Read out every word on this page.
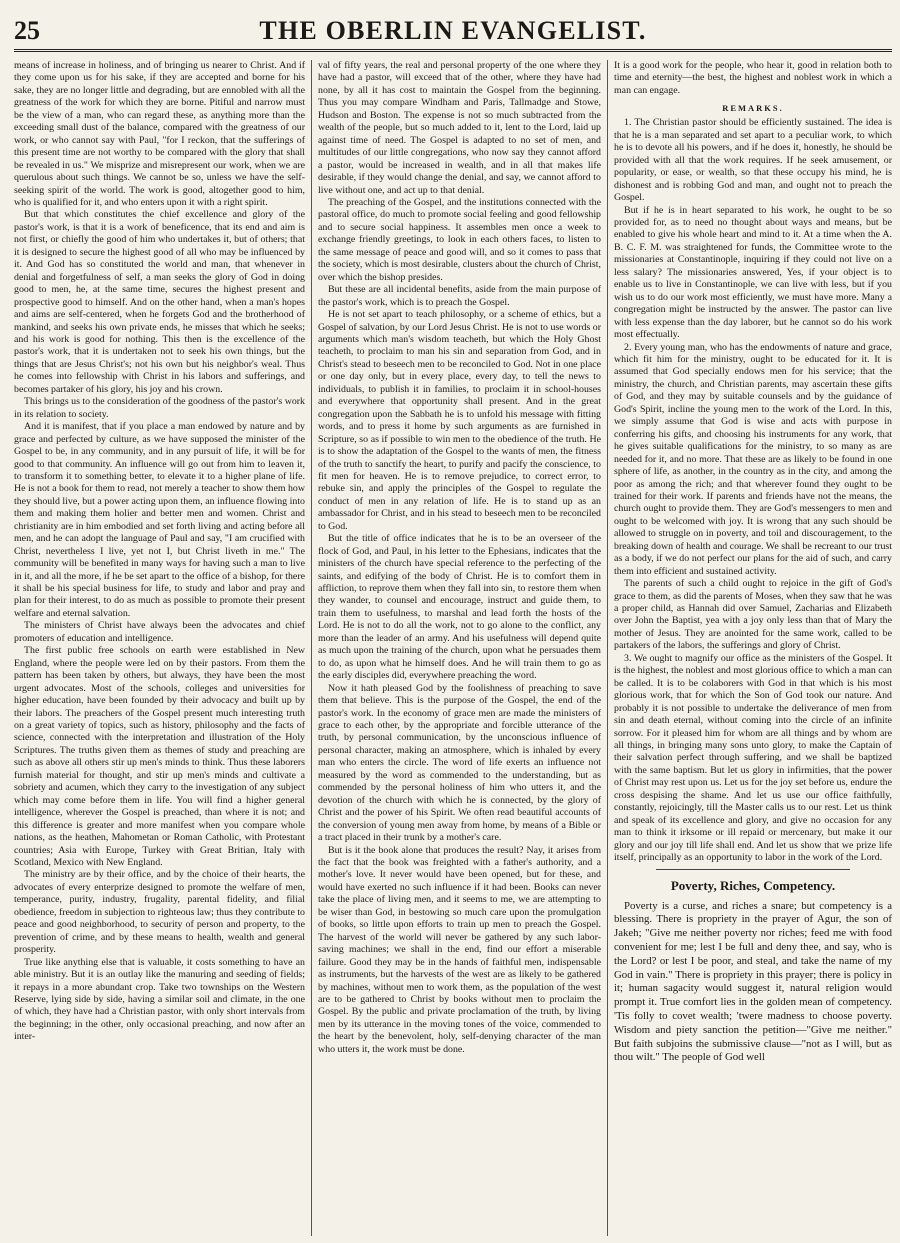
25	THE OBERLIN EVANGELIST.

means of increase in holiness, and of bringing us nearer to Christ. And if they come upon us for his sake, if they are accepted and borne for his sake, they are no longer little and degrading, but are ennobled with all the greatness of the work for which they are borne. Pitiful and narrow must be the view of a man, who can regard these, as anything more than the exceeding small dust of the balance, compared with the greatness of our work, or who cannot say with Paul, "for I reckon, that the sufferings of this present time are not worthy to be compared with the glory that shall be revealed in us." We misprize and misrepresent our work, when we are querulous about such things. We cannot be so, unless we have the self-seeking spirit of the world. The work is good, altogether good to him, who is qualified for it, and who enters upon it with a right spirit.

But that which constitutes the chief excellence and glory of the pastor's work, is that it is a work of beneficence, that its end and aim is not first, or chiefly the good of him who undertakes it, but of others; that it is designed to secure the highest good of all who may be influenced by it. And God has so constituted the world and man, that whenever in denial and forgetfulness of self, a man seeks the glory of God in doing good to men, he, at the same time, secures the highest present and prospective good to himself. And on the other hand, when a man's hopes and aims are self-centered, when he forgets God and the brotherhood of mankind, and seeks his own private ends, he misses that which he seeks; and his work is good for nothing. This then is the excellence of the pastor's work, that it is undertaken not to seek his own things, but the things that are Jesus Christ's; not his own but his neighbor's weal. Thus he comes into fellowship with Christ in his labors and sufferings, and becomes partaker of his glory, his joy and his crown.

This brings us to the consideration of the goodness of the pastor's work in its relation to society.

And it is manifest, that if you place a man endowed by nature and by grace and perfected by culture, as we have supposed the minister of the Gospel to be, in any community, and in any pursuit of life, it will be for good to that community. An influence will go out from him to leaven it, to transform it to something better, to elevate it to a higher plane of life. He is not a book for them to read, not merely a teacher to show them how they should live, but a power acting upon them, an influence flowing into them and making them holier and better men and women. Christ and christianity are in him embodied and set forth living and acting before all men, and he can adopt the language of Paul and say, "I am crucified with Christ, nevertheless I live, yet not I, but Christ liveth in me." The community will be benefited in many ways for having such a man to live in it, and all the more, if he be set apart to the office of a bishop, for there it shall be his special business for life, to study and labor and pray and plan for their interest, to do as much as possible to promote their present welfare and eternal salvation.

The ministers of Christ have always been the advocates and chief promoters of education and intelligence.

The first public free schools on earth were established in New England, where the people were led on by their pastors. From them the pattern has been taken by others, but always, they have been the most urgent advocates. Most of the schools, colleges and universities for higher education, have been founded by their advocacy and built up by their labors. The preachers of the Gospel present much interesting truth on a great variety of topics, such as history, philosophy and the facts of science, connected with the interpretation and illustration of the Holy Scriptures. The truths given them as themes of study and preaching are such as above all others stir up men's minds to think. Thus these laborers furnish material for thought, and stir up men's minds and cultivate a sobriety and acumen, which they carry to the investigation of any subject which may come before them in life. You will find a higher general intelligence, wherever the Gospel is preached, than where it is not; and this difference is greater and more manifest when you compare whole nations, as the heathen, Mahometan or Roman Catholic, with Protestant countries; Asia with Europe, Turkey with Great Britian, Italy with Scotland, Mexico with New England.

The ministry are by their office, and by the choice of their hearts, the advocates of every enterprize designed to promote the welfare of men, temperance, purity, industry, frugality, parental fidelity, and filial obedience, freedom in subjection to righteous law; thus they contribute to peace and good neighborhood, to security of person and property, to the prevention of crime, and by these means to health, wealth and general prosperity.

True like anything else that is valuable, it costs something to have an able ministry. But it is an outlay like the manuring and seeding of fields; it repays in a more abundant crop. Take two townships on the Western Reserve, lying side by side, having a similar soil and climate, in the one of which, they have had a Christian pastor, with only short intervals from the beginning; in the other, only occasional preaching, and now after an inter-

val of fifty years, the real and personal property of the one where they have had a pastor, will exceed that of the other, where they have had none, by all it has cost to maintain the Gospel from the beginning. Thus you may compare Windham and Paris, Tallmadge and Stowe, Hudson and Boston. The expense is not so much subtracted from the wealth of the people, but so much added to it, lent to the Lord, laid up against time of need. The Gospel is adapted to no set of men, and multitudes of our little congregations, who now say they cannot afford a pastor, would be increased in wealth, and in all that makes life desirable, if they would change the denial, and say, we cannot afford to live without one, and act up to that denial.

The preaching of the Gospel, and the institutions connected with the pastoral office, do much to promote social feeling and good fellowship and to secure social happiness. It assembles men once a week to exchange friendly greetings, to look in each others faces, to listen to the same message of peace and good will, and so it comes to pass that the society, which is most desirable, clusters about the church of Christ, over which the bishop presides.

But these are all incidental benefits, aside from the main purpose of the pastor's work, which is to preach the Gospel.

He is not set apart to teach philosophy, or a scheme of ethics, but a Gospel of salvation, by our Lord Jesus Christ. He is not to use words or arguments which man's wisdom teacheth, but which the Holy Ghost teacheth, to proclaim to man his sin and separation from God, and in Christ's stead to beseech men to be reconciled to God. Not in one place or one day only, but in every place, every day, to tell the news to individuals, to publish it in families, to proclaim it in school-houses and everywhere that opportunity shall present. And in the great congregation upon the Sabbath he is to unfold his message with fitting words, and to press it home by such arguments as are furnished in Scripture, so as if possible to win men to the obedience of the truth. He is to show the adaptation of the Gospel to the wants of men, the fitness of the truth to sanctify the heart, to purify and pacify the conscience, to fit men for heaven. He is to remove prejudice, to correct error, to rebuke sin, and apply the principles of the Gospel to regulate the conduct of men in any relation of life. He is to stand up as an ambassador for Christ, and in his stead to beseech men to be reconciled to God.

But the title of office indicates that he is to be an overseer of the flock of God, and Paul, in his letter to the Ephesians, indicates that the ministers of the church have special reference to the perfecting of the saints, and edifying of the body of Christ. He is to comfort them in affliction, to reprove them when they fall into sin, to restore them when they wander, to counsel and encourage, instruct and guide them, to train them to usefulness, to marshal and lead forth the hosts of the Lord. He is not to do all the work, not to go alone to the conflict, any more than the leader of an army. And his usefulness will depend quite as much upon the training of the church, upon what he persuades them to do, as upon what he himself does. And he will train them to go as the early disciples did, everywhere preaching the word.

Now it hath pleased God by the foolishness of preaching to save them that believe. This is the purpose of the Gospel, the end of the pastor's work. In the economy of grace men are made the ministers of grace to each other, by the appropriate and forcible utterance of the truth, by personal communication, by the unconscious influence of personal character, making an atmosphere, which is inhaled by every man who enters the circle. The word of life exerts an influence not measured by the word as commended to the understanding, but as commended by the personal holiness of him who utters it, and the devotion of the church with which he is connected, by the glory of Christ and the power of his Spirit. We often read beautiful accounts of the conversion of young men away from home, by means of a Bible or a tract placed in their trunk by a mother's care.

But is it the book alone that produces the result? Nay, it arises from the fact that the book was freighted with a father's authority, and a mother's love. It never would have been opened, but for these, and would have exerted no such influence if it had been. Books can never take the place of living men, and it seems to me, we are attempting to be wiser than God, in bestowing so much care upon the promulgation of books, so little upon efforts to train up men to preach the Gospel. The harvest of the world will never be gathered by any such labor-saving machines; we shall in the end, find our effort a miserable failure. Good they may be in the hands of faithful men, indispensable as instruments, but the harvests of the west are as likely to be gathered by machines, without men to work them, as the population of the west are to be gathered to Christ by books without men to proclaim the Gospel. By the public and private proclamation of the truth, by living men by its utterance in the moving tones of the voice, commended to the heart by the benevolent, holy, self-denying character of the man who utters it, the work must be done.

It is a good work for the people, who hear it, good in relation both to time and eternity—the best, the highest and noblest work in which a man can engage.

REMARKS.

1. The Christian pastor should be efficiently sustained. The idea is that he is a man separated and set apart to a peculiar work, to which he is to devote all his powers, and if he does it, honestly, he should be provided with all that the work requires. If he seek amusement, or popularity, or ease, or wealth, so that these occupy his mind, he is dishonest and is robbing God and man, and ought not to preach the Gospel.

But if he is in heart separated to his work, he ought to be so provided for, as to need no thought about ways and means, but be enabled to give his whole heart and mind to it. At a time when the A. B. C. F. M. was straightened for funds, the Committee wrote to the missionaries at Constantinople, inquiring if they could not live on a less salary? The missionaries answered, Yes, if your object is to enable us to live in Constantinople, we can live with less, but if you wish us to do our work most efficiently, we must have more. Many a congregation might be instructed by the answer. The pastor can live with less expense than the day laborer, but he cannot so do his work most effectually.

2. Every young man, who has the endowments of nature and grace, which fit him for the ministry, ought to be educated for it. It is assumed that God specially endows men for his service; that the ministry, the church, and Christian parents, may ascertain these gifts of God, and they may by suitable counsels and by the guidance of God's Spirit, incline the young men to the work of the Lord. In this, we simply assume that God is wise and acts with purpose in conferring his gifts, and choosing his instruments for any work, that he gives suitable qualifications for the ministry, to so many as are needed for it, and no more. That these are as likely to be found in one sphere of life, as another, in the country as in the city, and among the poor as among the rich; and that wherever found they ought to be trained for their work. If parents and friends have not the means, the church ought to provide them. They are God's messengers to men and ought to be welcomed with joy. It is wrong that any such should be allowed to struggle on in poverty, and toil and discouragement, to the breaking down of health and courage. We shall be recreant to our trust as a body, if we do not perfect our plans for the aid of such, and carry them into efficient and sustained activity.

The parents of such a child ought to rejoice in the gift of God's grace to them, as did the parents of Moses, when they saw that he was a proper child, as Hannah did over Samuel, Zacharias and Elizabeth over John the Baptist, yea with a joy only less than that of Mary the mother of Jesus. They are anointed for the same work, called to be partakers of the labors, the sufferings and glory of Christ.

3. We ought to magnify our office as the ministers of the Gospel. It is the highest, the noblest and most glorious office to which a man can be called. It is to be colaborers with God in that which is his most glorious work, that for which the Son of God took our nature. And probably it is not possible to undertake the deliverance of men from sin and death eternal, without coming into the circle of an infinite sorrow. For it pleased him for whom are all things and by whom are all things, in bringing many sons unto glory, to make the Captain of their salvation perfect through suffering, and we shall be baptized with the same baptism. But let us glory in infirmities, that the power of Christ may rest upon us. Let us for the joy set before us, endure the cross despising the shame. And let us use our office faithfully, constantly, rejoicingly, till the Master calls us to our rest. Let us think and speak of its excellence and glory, and give no occasion for any man to think it irksome or ill repaid or mercenary, but make it our glory and our joy till life shall end. And let us show that we prize life itself, principally as an opportunity to labor in the work of the Lord.

Poverty, Riches, Competency.

Poverty is a curse, and riches a snare; but competency is a blessing. There is propriety in the prayer of Agur, the son of Jakeh; "Give me neither poverty nor riches; feed me with food convenient for me; lest I be full and deny thee, and say, who is the Lord? or lest I be poor, and steal, and take the name of my God in vain." There is propriety in this prayer; there is policy in it; human sagacity would suggest it, natural religion would prompt it. True comfort lies in the golden mean of competency. 'Tis folly to covet wealth; 'twere madness to choose poverty. Wisdom and piety sanction the petition—"Give me neither." But faith subjoins the submissive clause—"not as I will, but as thou wilt." The people of God well
